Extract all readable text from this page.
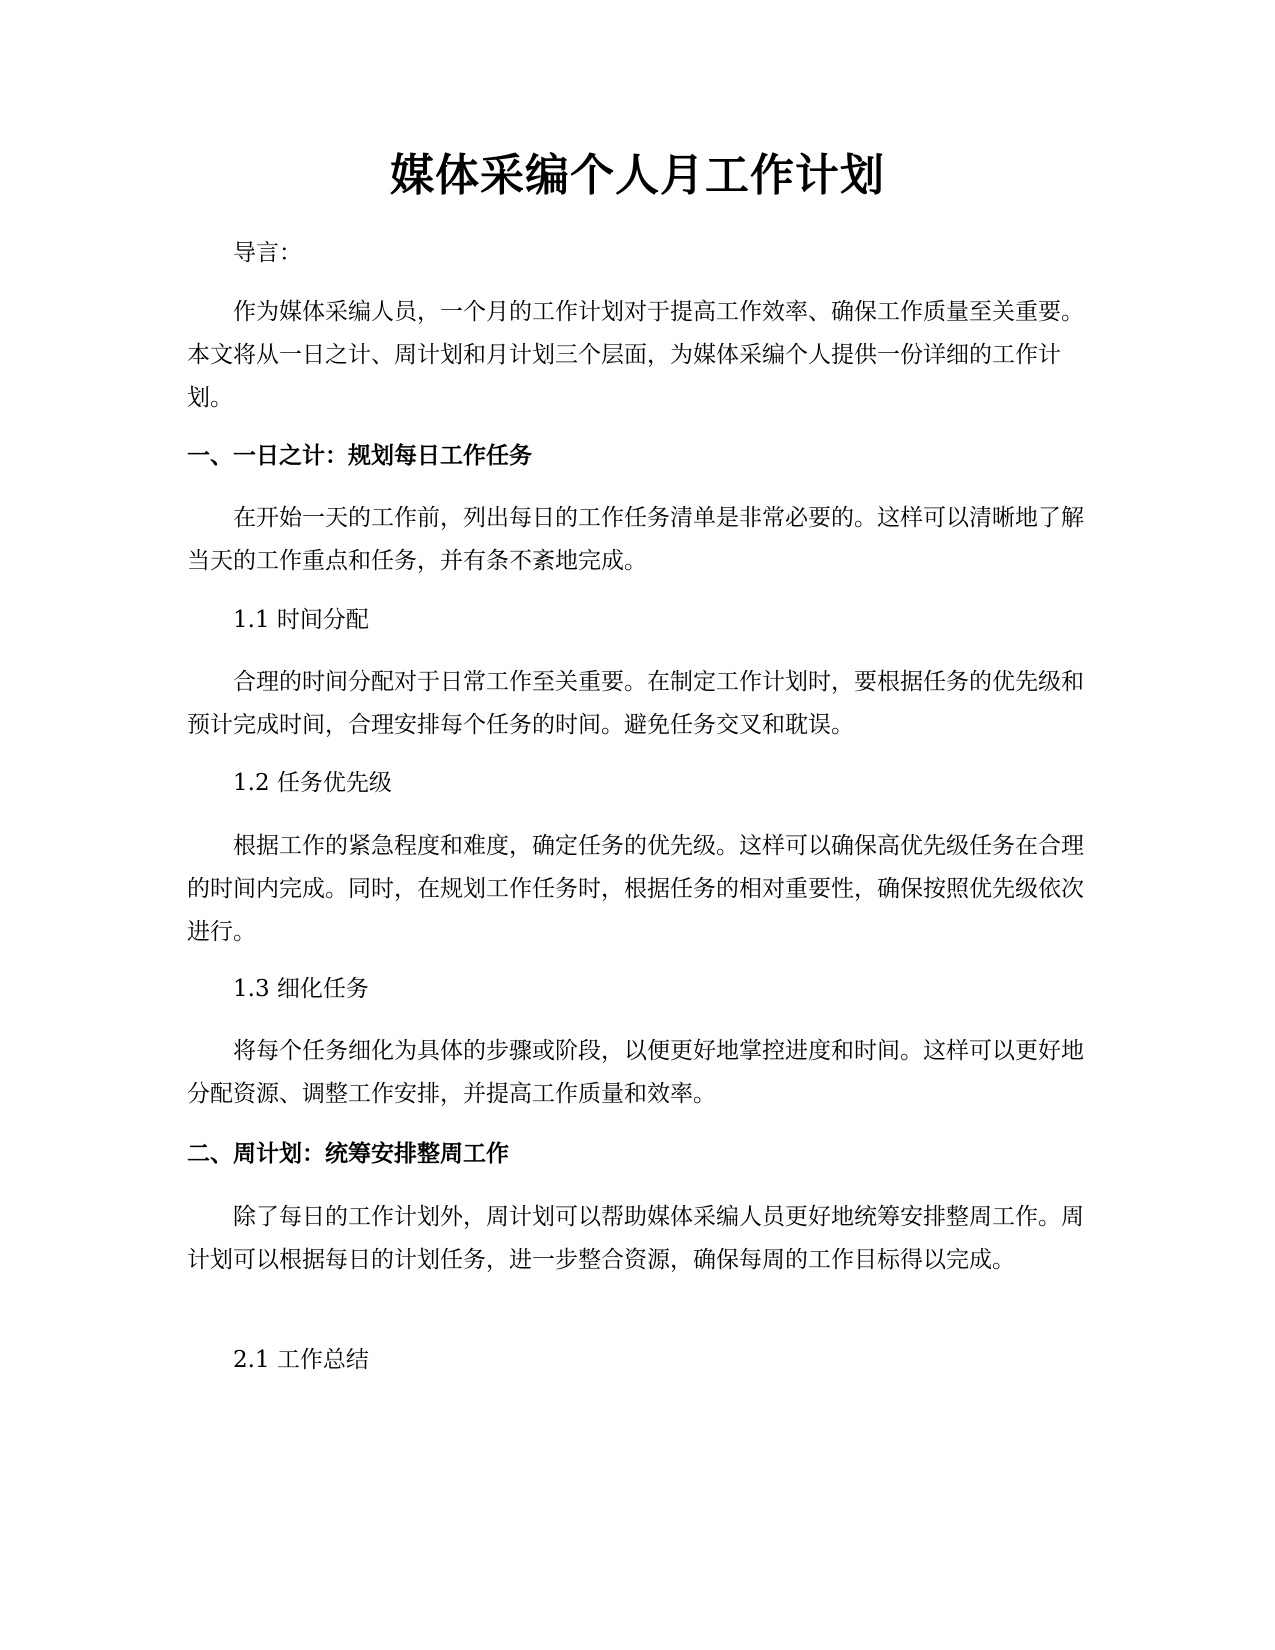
媒体采编个人月工作计划

导言：

作为媒体采编人员，一个月的工作计划对于提高工作效率、确保工作质量至关重要。本文将从一日之计、周计划和月计划三个层面，为媒体采编个人提供一份详细的工作计划。

一、一日之计：规划每日工作任务

在开始一天的工作前，列出每日的工作任务清单是非常必要的。这样可以清晰地了解当天的工作重点和任务，并有条不紊地完成。

1.1 时间分配

合理的时间分配对于日常工作至关重要。在制定工作计划时，要根据任务的优先级和预计完成时间，合理安排每个任务的时间。避免任务交叉和耽误。

1.2 任务优先级

根据工作的紧急程度和难度，确定任务的优先级。这样可以确保高优先级任务在合理的时间内完成。同时，在规划工作任务时，根据任务的相对重要性，确保按照优先级依次进行。

1.3 细化任务

将每个任务细化为具体的步骤或阶段，以便更好地掌控进度和时间。这样可以更好地分配资源、调整工作安排，并提高工作质量和效率。

二、周计划：统筹安排整周工作

除了每日的工作计划外，周计划可以帮助媒体采编人员更好地统筹安排整周工作。周计划可以根据每日的计划任务，进一步整合资源，确保每周的工作目标得以完成。

2.1 工作总结
